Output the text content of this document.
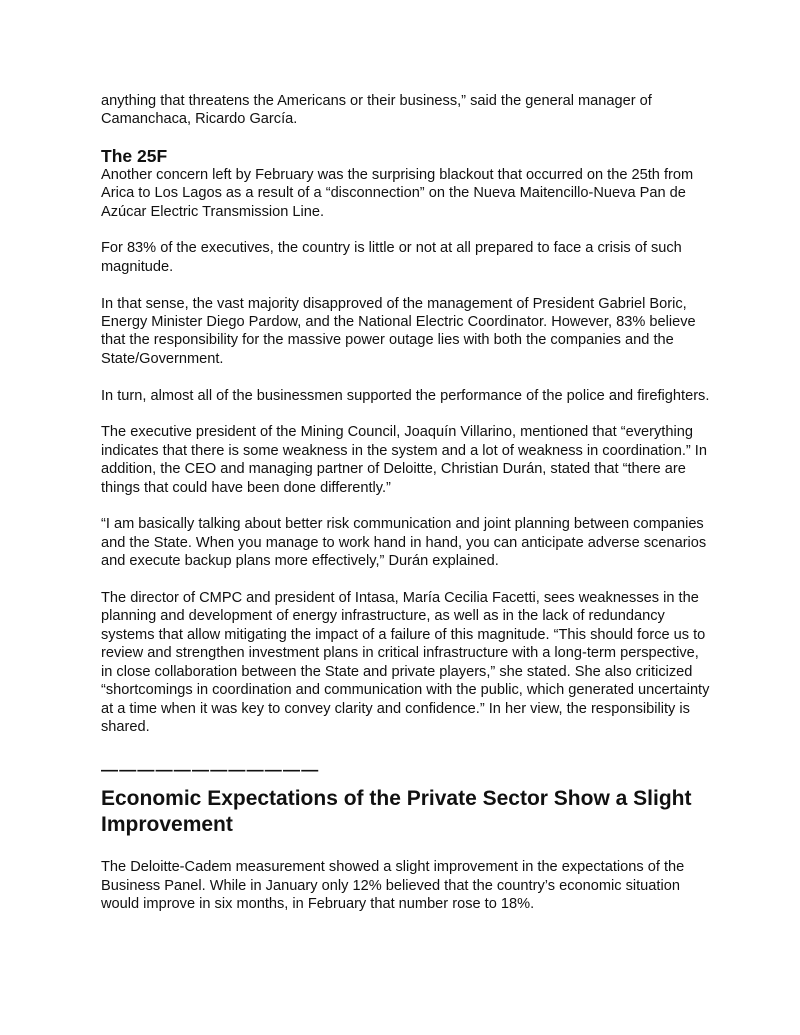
anything that threatens the Americans or their business,” said the general manager of Camanchaca, Ricardo García.

The 25F

Another concern left by February was the surprising blackout that occurred on the 25th from Arica to Los Lagos as a result of a “disconnection” on the Nueva Maitencillo-Nueva Pan de Azúcar Electric Transmission Line.

For 83% of the executives, the country is little or not at all prepared to face a crisis of such magnitude.

In that sense, the vast majority disapproved of the management of President Gabriel Boric, Energy Minister Diego Pardow, and the National Electric Coordinator. However, 83% believe that the responsibility for the massive power outage lies with both the companies and the State/Government.

In turn, almost all of the businessmen supported the performance of the police and firefighters.

The executive president of the Mining Council, Joaquín Villarino, mentioned that “everything indicates that there is some weakness in the system and a lot of weakness in coordination.” In addition, the CEO and managing partner of Deloitte, Christian Durán, stated that “there are things that could have been done differently.”

“I am basically talking about better risk communication and joint planning between companies and the State. When you manage to work hand in hand, you can anticipate adverse scenarios and execute backup plans more effectively,” Durán explained.

The director of CMPC and president of Intasa, María Cecilia Facetti, sees weaknesses in the planning and development of energy infrastructure, as well as in the lack of redundancy systems that allow mitigating the impact of a failure of this magnitude. “This should force us to review and strengthen investment plans in critical infrastructure with a long-term perspective, in close collaboration between the State and private players,” she stated. She also criticized “shortcomings in coordination and communication with the public, which generated uncertainty at a time when it was key to convey clarity and confidence.” In her view, the responsibility is shared.

————————————
Economic Expectations of the Private Sector Show a Slight Improvement

The Deloitte-Cadem measurement showed a slight improvement in the expectations of the Business Panel. While in January only 12% believed that the country’s economic situation would improve in six months, in February that number rose to 18%.
